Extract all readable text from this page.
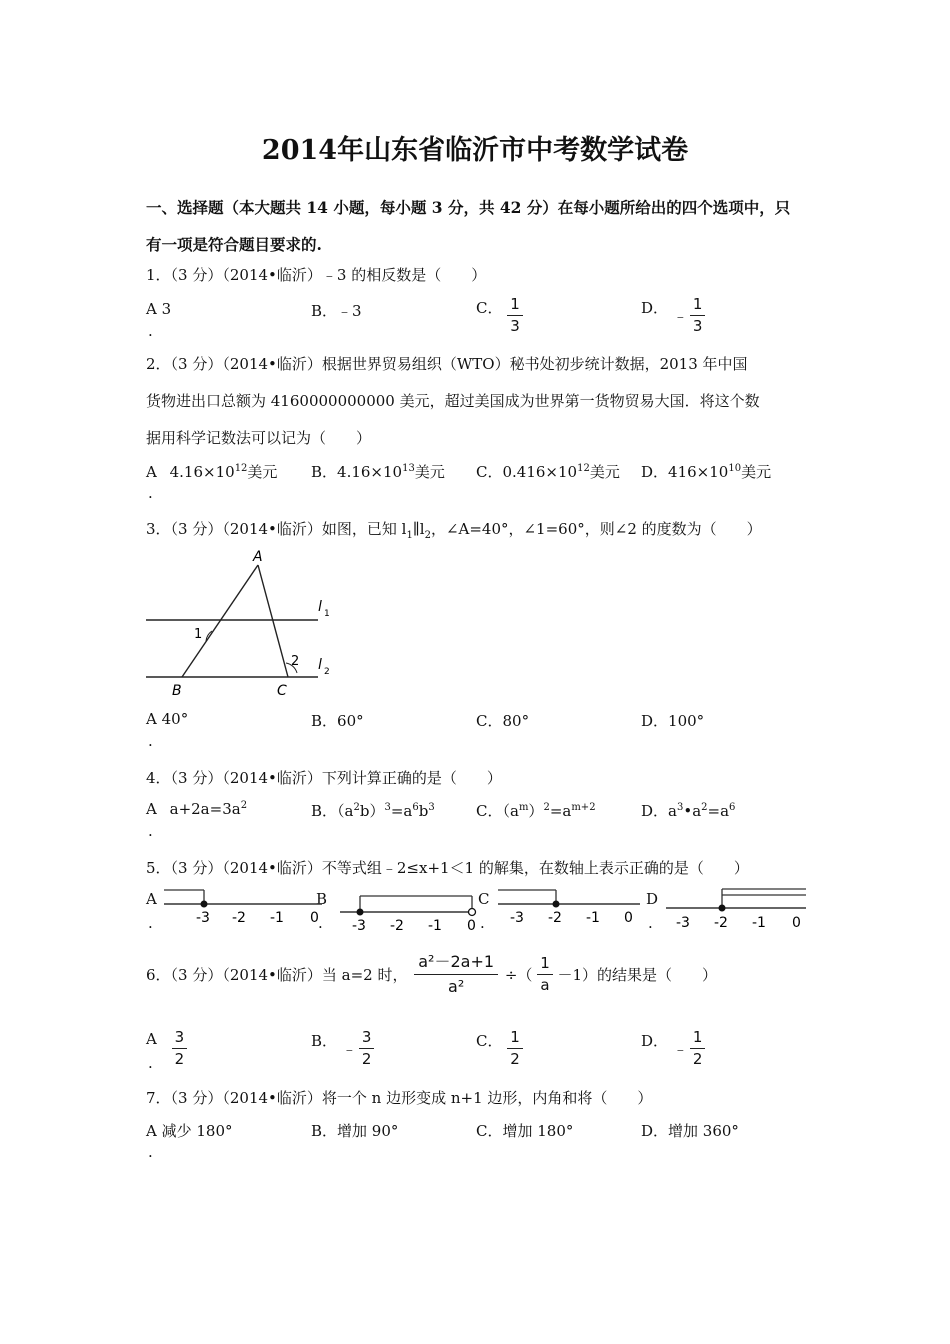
2014年山东省临沂市中考数学试卷
一、选择题（本大题共 14 小题，每小题 3 分，共 42 分）在每小题所给出的四个选项中，只
有一项是符合题目要求的.
1．（3 分）（2014•临沂）﹣3 的相反数是（　　）
A 3
.
B．﹣3	C． $\frac{1}{3}$	D． ﹣ $\frac{1}{3}$
2．（3 分）（2014•临沂）根据世界贸易组织（WTO）秘书处初步统计数据，2013 年中国
货物进出口总额为 4160000000000 美元，超过美国成为世界第一货物贸易大国．将这个数
据用科学记数法可以记为（　　）
A $4.16\times 10^{12}$美元
.
B．$4.16\times 10^{13}$美元 C．$0.416\times 10^{12}$美元 D．$416\times 10^{10}$美元
3．（3 分）（2014•临沂）如图，已知 $l_1\parallel l_2$，∠A=40°，∠1=60°，则∠2 的度数为（　　）
A
B	C
1
2
l 1
l 2
A 40°
.
B．60°	C．80°	D．100°
4．（3 分）（2014•临沂）下列计算正确的是（　　）
A $a+2a=3a^2$
.
B．$(a^2b)^3=a^6b^3$	C．$(a^m)^2=a^{m+2}$	D．$a^3•a^2=a^6$
5．（3 分）（2014•临沂）不等式组﹣2≤x+1＜1 的解集，在数轴上表示正确的是（　　）
A
.
B
.
C
.
D
.
-3 -2 -1 0 -3 -2 -1 0 -3 -2 -1 0	-3 -2 -1 0
6．（3 分）（2014•临沂）当 a=2 时， $\frac{\text{a²－2a+1}}{\text{a²}}$ ÷（ $\frac{1}{a} -1$）的结果是（　　）
A $\frac{3}{2}$
.
B． ﹣ $\frac{3}{2}$	C． $\frac{1}{2}$	D． ﹣ $\frac{1}{2}$
7．（3 分）（2014•临沂）将一个 n 边形变成 n+1 边形，内角和将（　　）
A 减少 180°
.
B．增加 90°	C．增加 180°	D．增加 360°
